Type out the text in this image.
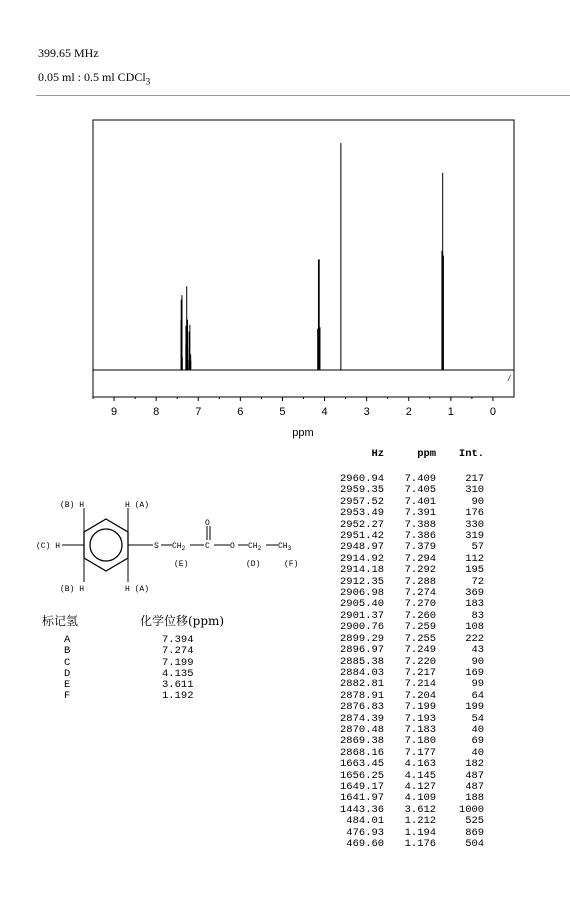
399.65 MHz
0.05 ml : 0.5 ml CDCl$_3$
9	8	7	6	5	4	3	2	1	0
ppm
/
Hz	ppm	Int.
2960.94	7.409	217
2959.35	7.405	310
2957.52	7.401	90
2953.49	7.391	176
2952.27	7.388	330
2951.42	7.386	319
2948.97	7.379	57
2914.92	7.294	112
2914.18	7.292	195
2912.35	7.288	72
2906.98	7.274	369
2905.40	7.270	183
2901.37	7.260	83
2900.76	7.259	108
2899.29	7.255	222
2896.97	7.249	43
2885.38	7.220	90
2884.03	7.217	169
2882.81	7.214	99
2878.91	7.204	64
2876.83	7.199	199
2874.39	7.193	54
2870.48	7.183	40
2869.38	7.180	69
2868.16	7.177	40
1663.45	4.163	182
1656.25	4.145	487
1649.17	4.127	487
1641.97	4.109	188
1443.36	3.612	1000
484.01	1.212	525
476.93	1.194	869
469.60	1.176	504
(B) H	H (A)
(C) H
(B) H	H (A)
S $CH_2$ C
O
O $CH_2$ $CH_3$
(E)	(D)	(F)
标记氢	化学位移(ppm)
A	7.394
B	7.274
C	7.199
D	4.135
E	3.611
F	1.192
